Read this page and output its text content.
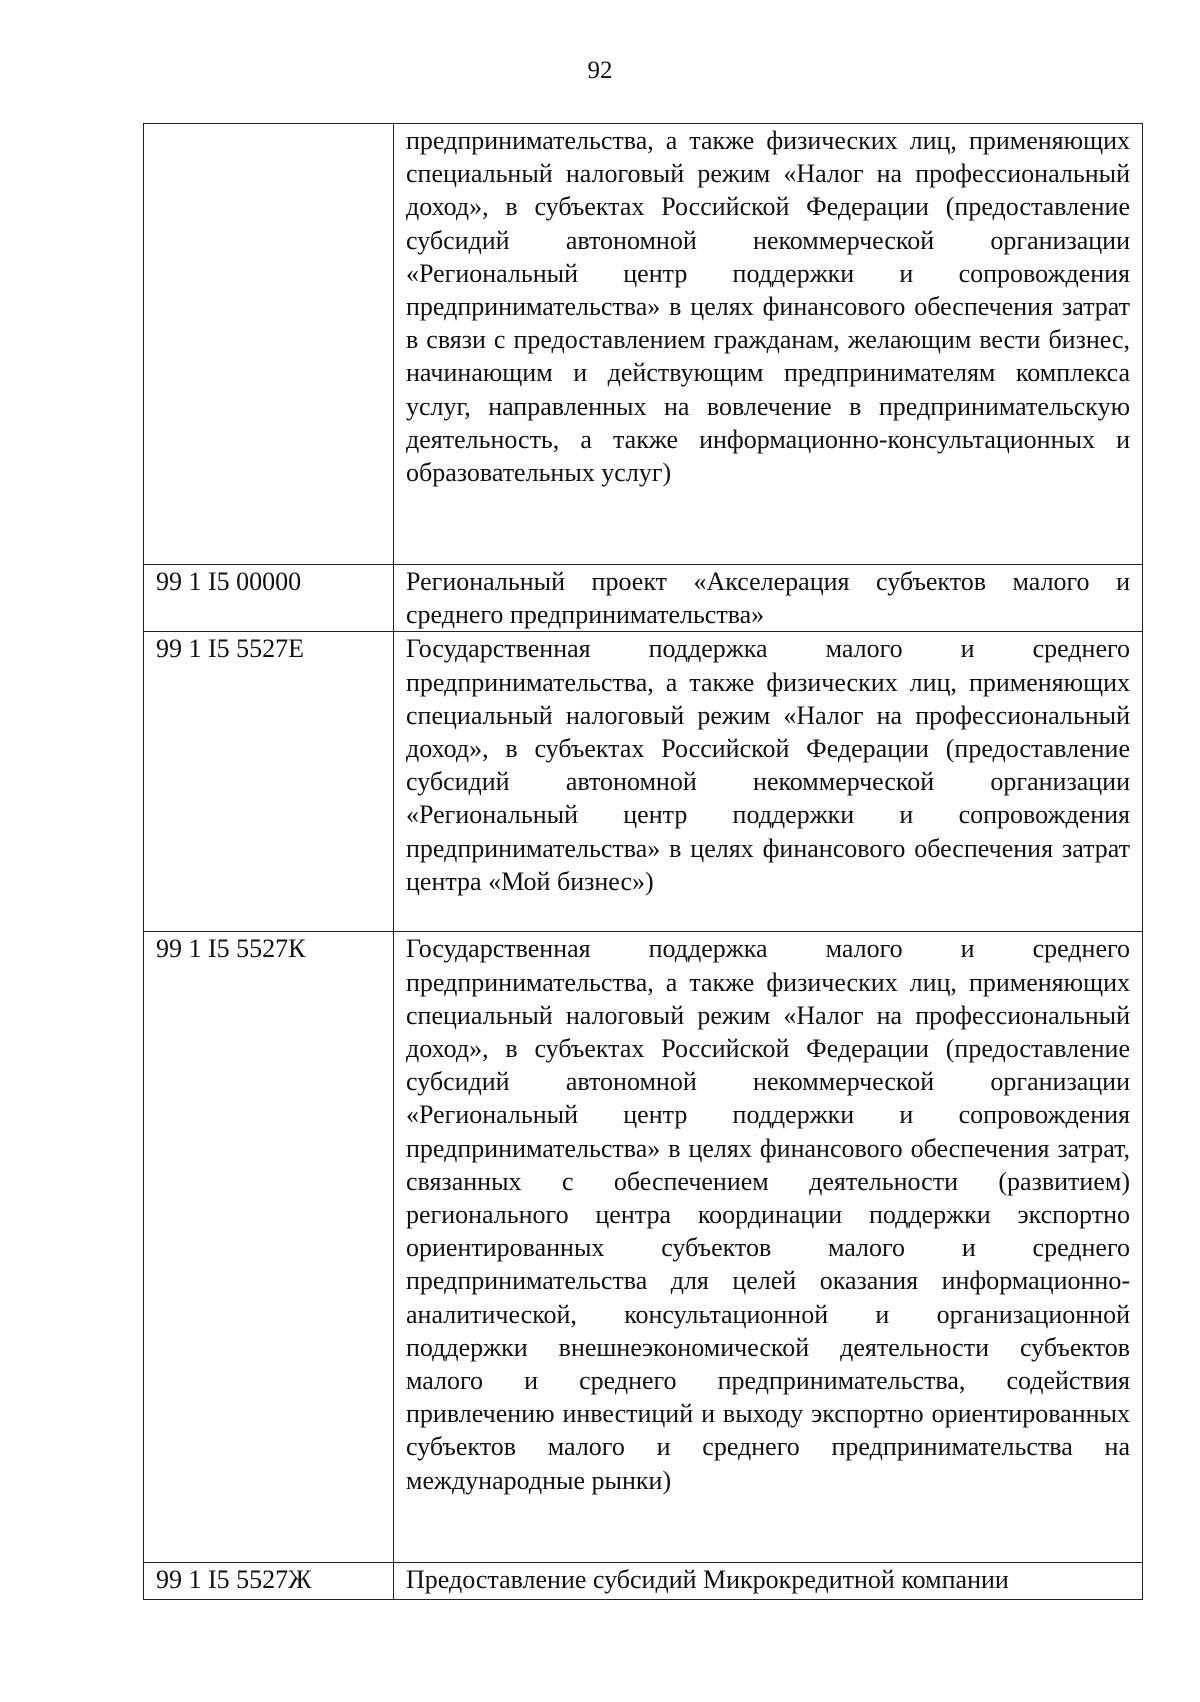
92
	предпринимательства, а также физических лиц, применяющих специальный налоговый режим «Налог на профессиональный доход», в субъектах Российской Федерации (предоставление субсидий автономной некоммерческой организации «Региональный центр поддержки и сопровождения предпринимательства» в целях финансового обеспечения затрат в связи с предоставлением гражданам, желающим вести бизнес, начинающим и действующим предпринимателям комплекса услуг, направленных на вовлечение в предпринимательскую деятельность, а также информационно-консультационных и образовательных услуг)
99 1 I5 00000	Региональный проект «Акселерация субъектов малого и среднего предпринимательства»
99 1 I5 5527Е	Государственная поддержка малого и среднего предпринимательства, а также физических лиц, применяющих специальный налоговый режим «Налог на профессиональный доход», в субъектах Российской Федерации (предоставление субсидий автономной некоммерческой организации «Региональный центр поддержки и сопровождения предпринимательства» в целях финансового обеспечения затрат центра «Мой бизнес»)
99 1 I5 5527К	Государственная поддержка малого и среднего предпринимательства, а также физических лиц, применяющих специальный налоговый режим «Налог на профессиональный доход», в субъектах Российской Федерации (предоставление субсидий автономной некоммерческой организации «Региональный центр поддержки и сопровождения предпринимательства» в целях финансового обеспечения затрат, связанных с обеспечением деятельности (развитием) регионального центра координации поддержки экспортно ориентированных субъектов малого и среднего предпринимательства для целей оказания информационно-аналитической, консультационной и организационной поддержки внешнеэкономической деятельности субъектов малого и среднего предпринимательства, содействия привлечению инвестиций и выходу экспортно ориентированных субъектов малого и среднего предпринимательства на международные рынки)
99 1 I5 5527Ж	Предоставление субсидий Микрокредитной компании
